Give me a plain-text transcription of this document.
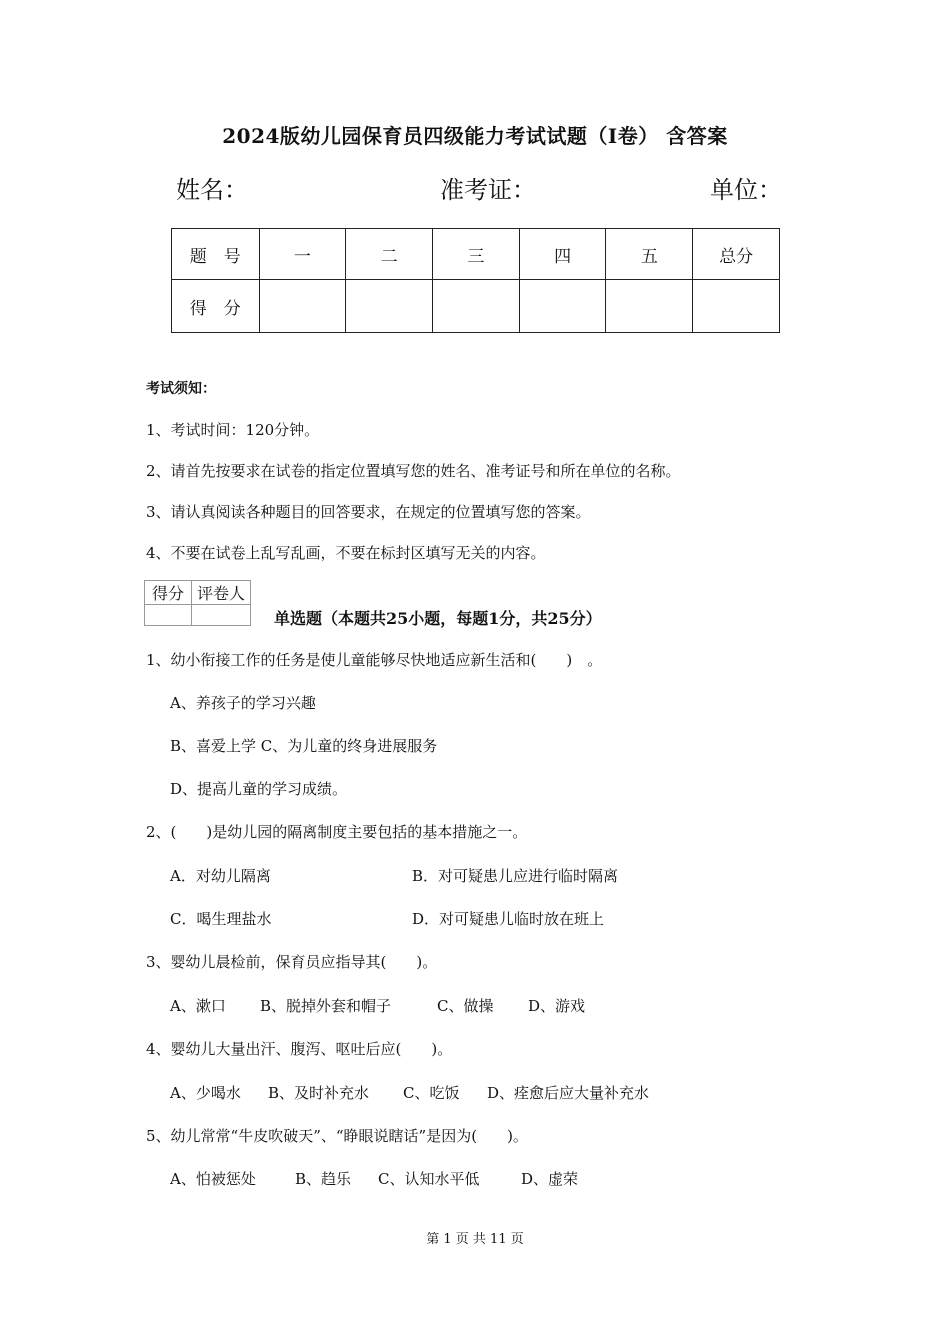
2024版幼儿园保育员四级能力考试试题（I卷） 含答案
姓名：	准考证：	单位：
题　号	一	二	三	四	五	总分
得　分						
考试须知：
1、考试时间：120分钟。
2、请首先按要求在试卷的指定位置填写您的姓名、准考证号和所在单位的名称。
3、请认真阅读各种题目的回答要求，在规定的位置填写您的答案。
4、不要在试卷上乱写乱画，不要在标封区填写无关的内容。
得分	评卷人

单选题（本题共25小题，每题1分，共25分）
1、幼小衔接工作的任务是使儿童能够尽快地适应新生活和(　　)　。
A、养孩子的学习兴趣
B、喜爱上学 C、为儿童的终身进展服务
D、提高儿童的学习成绩。
2、(　　)是幼儿园的隔离制度主要包括的基本措施之一。
A．对幼儿隔离	B．对可疑患儿应进行临时隔离
C．喝生理盐水	D．对可疑患儿临时放在班上
3、婴幼儿晨检前，保育员应指导其(　　)。
A、漱口 B、脱掉外套和帽子	C、做操 D、游戏
4、婴幼儿大量出汗、腹泻、呕吐后应(　　)。
A、少喝水 B、及时补充水 C、吃饭 D、痊愈后应大量补充水
5、幼儿常常“牛皮吹破天”、“睁眼说瞎话”是因为(　　)。
A、怕被惩处	B、趋乐 C、认知水平低	D、虚荣
第 1 页 共 11 页
